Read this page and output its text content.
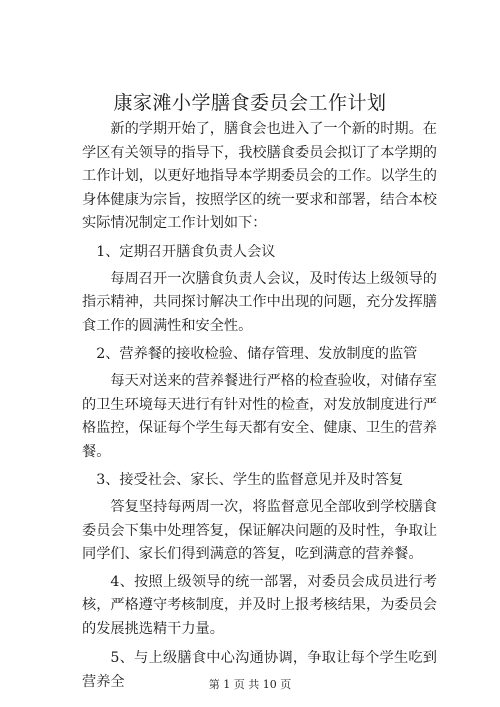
康家滩小学膳食委员会工作计划

新的学期开始了，膳食会也进入了一个新的时期。在学区有关领导的指导下，我校膳食委员会拟订了本学期的工作计划，以更好地指导本学期委员会的工作。以学生的身体健康为宗旨，按照学区的统一要求和部署，结合本校实际情况制定工作计划如下：

1、定期召开膳食负责人会议

每周召开一次膳食负责人会议，及时传达上级领导的指示精神，共同探讨解决工作中出现的问题，充分发挥膳食工作的圆满性和安全性。

2、营养餐的接收检验、储存管理、发放制度的监管

每天对送来的营养餐进行严格的检查验收，对储存室的卫生环境每天进行有针对性的检查，对发放制度进行严格监控，保证每个学生每天都有安全、健康、卫生的营养餐。

3、接受社会、家长、学生的监督意见并及时答复

答复坚持每两周一次，将监督意见全部收到学校膳食委员会下集中处理答复，保证解决问题的及时性，争取让同学们、家长们得到满意的答复，吃到满意的营养餐。

4、按照上级领导的统一部署，对委员会成员进行考核，严格遵守考核制度，并及时上报考核结果，为委员会的发展挑选精干力量。

5、与上级膳食中心沟通协调，争取让每个学生吃到营养全	第 1 页 共 10 页
